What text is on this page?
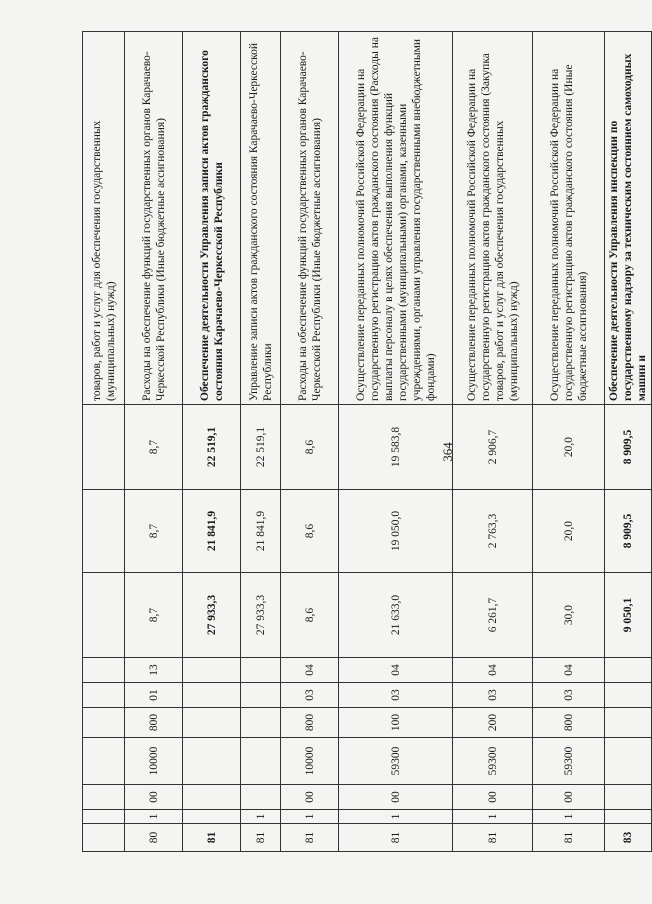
364
										товаров, работ и услуг для обеспечения государственных (муниципальных) нужд)
80	1	00	10000	800	01	13	8,7	8,7	8,7	Расходы на обеспечение функций государственных органов Карачаево-Черкесской Республики (Иные бюджетные ассигнования)
81							27 933,3	21 841,9	22 519,1	Обеспечение деятельности Управления записи актов гражданского состояния Карачаево-Черкесской Республики
81	1						27 933,3	21 841,9	22 519,1	Управление записи актов гражданского состояния Карачаево-Черкесской Республики
81	1	00	10000	800	03	04	8,6	8,6	8,6	Расходы на обеспечение функций государственных органов Карачаево-Черкесской Республики (Иные бюджетные ассигнования)
81	1	00	59300	100	03	04	21 633,0	19 050,0	19 583,8	Осуществление переданных полномочий Российской Федерации на государственную регистрацию актов гражданского состояния (Расходы на выплаты персоналу в целях обеспечения выполнения функций государственными (муниципальными) органами, казенными учреждениями, органами управления государственными внебюджетными фондами)
81	1	00	59300	200	03	04	6 261,7	2 763,3	2 906,7	Осуществление переданных полномочий Российской Федерации на государственную регистрацию актов гражданского состояния (Закупка товаров, работ и услуг для обеспечения государственных (муниципальных) нужд)
81	1	00	59300	800	03	04	30,0	20,0	20,0	Осуществление переданных полномочий Российской Федерации на государственную регистрацию актов гражданского состояния (Иные бюджетные ассигнования)
83							9 050,1	8 909,5	8 909,5	Обеспечение деятельности Управления инспекции по государственному надзору за техническим состоянием самоходных машин и
